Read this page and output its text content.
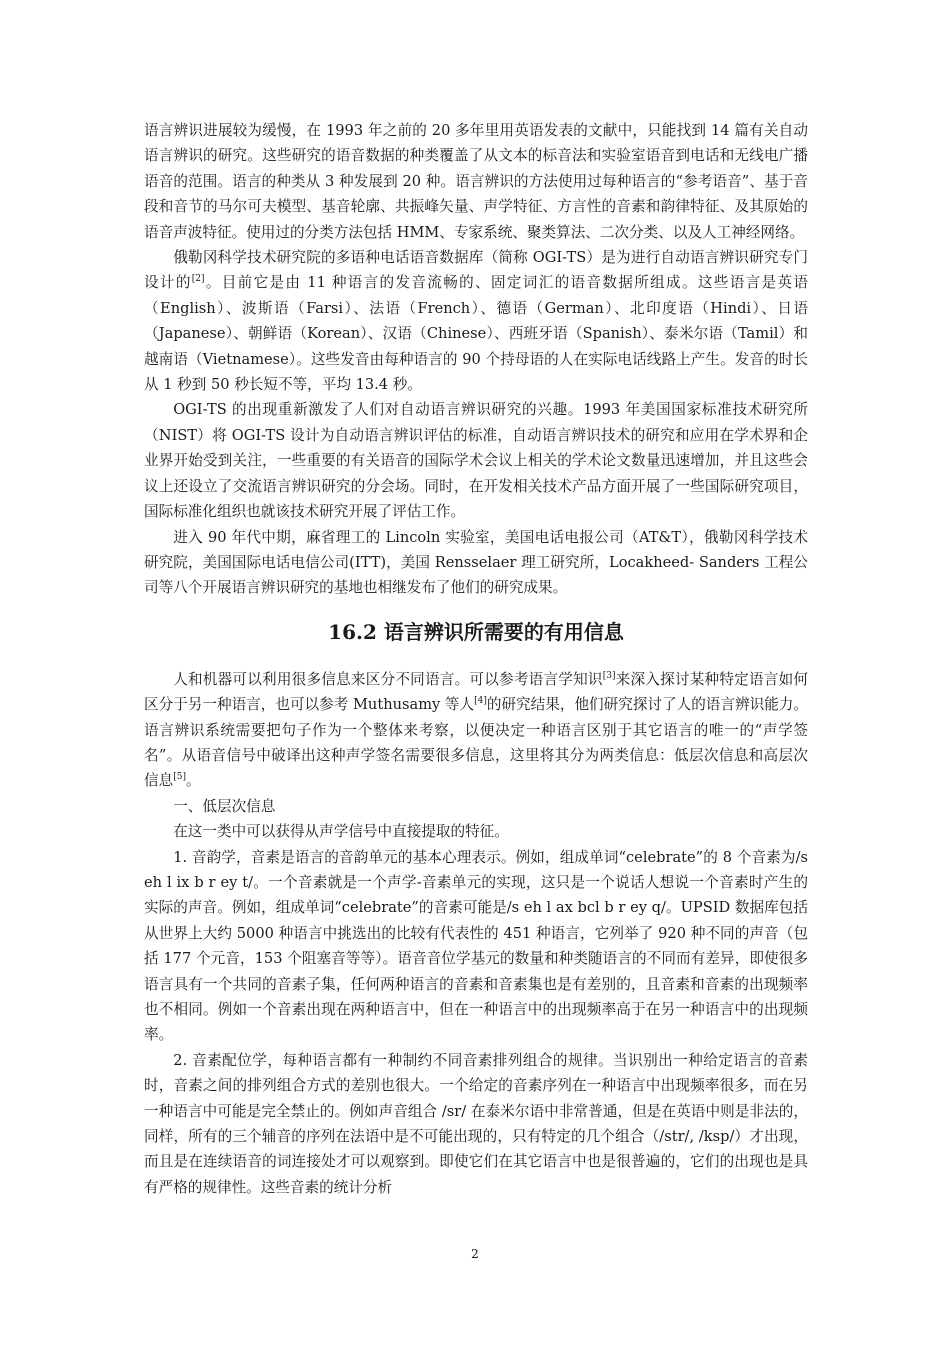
语言辨识进展较为缓慢，在 1993 年之前的 20 多年里用英语发表的文献中，只能找到 14 篇有关自动语言辨识的研究。这些研究的语音数据的种类覆盖了从文本的标音法和实验室语音到电话和无线电广播语音的范围。语言的种类从 3 种发展到 20 种。语言辨识的方法使用过每种语言的“参考语音”、基于音段和音节的马尔可夫模型、基音轮廓、共振峰矢量、声学特征、方言性的音素和韵律特征、及其原始的语音声波特征。使用过的分类方法包括 HMM、专家系统、聚类算法、二次分类、以及人工神经网络。

俄勒冈科学技术研究院的多语种电话语音数据库（简称 OGI-TS）是为进行自动语言辨识研究专门设计的[2]。目前它是由 11 种语言的发音流畅的、固定词汇的语音数据所组成。这些语言是英语（English）、波斯语（Farsi）、法语（French）、德语（German）、北印度语（Hindi）、日语（Japanese）、朝鲜语（Korean）、汉语（Chinese）、西班牙语（Spanish）、泰米尔语（Tamil）和越南语（Vietnamese）。这些发音由每种语言的 90 个持母语的人在实际电话线路上产生。发音的时长从 1 秒到 50 秒长短不等，平均 13.4 秒。

OGI-TS 的出现重新激发了人们对自动语言辨识研究的兴趣。1993 年美国国家标准技术研究所（NIST）将 OGI-TS 设计为自动语言辨识评估的标准，自动语言辨识技术的研究和应用在学术界和企业界开始受到关注，一些重要的有关语音的国际学术会议上相关的学术论文数量迅速增加，并且这些会议上还设立了交流语言辨识研究的分会场。同时，在开发相关技术产品方面开展了一些国际研究项目，国际标准化组织也就该技术研究开展了评估工作。

进入 90 年代中期，麻省理工的 Lincoln 实验室，美国电话电报公司（AT&T），俄勒冈科学技术研究院，美国国际电话电信公司(ITT)，美国 Rensselaer 理工研究所，Locakheed- Sanders 工程公司等八个开展语言辨识研究的基地也相继发布了他们的研究成果。

16.2 语言辨识所需要的有用信息

人和机器可以利用很多信息来区分不同语言。可以参考语言学知识[3]来深入探讨某种特定语言如何区分于另一种语言，也可以参考 Muthusamy 等人[4]的研究结果，他们研究探讨了人的语言辨识能力。语言辨识系统需要把句子作为一个整体来考察，以便决定一种语言区别于其它语言的唯一的“声学签名”。从语音信号中破译出这种声学签名需要很多信息，这里将其分为两类信息：低层次信息和高层次信息[5]。

一、低层次信息

在这一类中可以获得从声学信号中直接提取的特征。

1. 音韵学，音素是语言的音韵单元的基本心理表示。例如，组成单词“celebrate”的 8 个音素为/s eh l ix b r ey t/。一个音素就是一个声学-音素单元的实现，这只是一个说话人想说一个音素时产生的实际的声音。例如，组成单词“celebrate”的音素可能是/s eh l ax bcl b r ey q/。UPSID 数据库包括从世界上大约 5000 种语言中挑选出的比较有代表性的 451 种语言，它列举了 920 种不同的声音（包括 177 个元音，153 个阻塞音等等）。语音音位学基元的数量和种类随语言的不同而有差异，即使很多语言具有一个共同的音素子集，任何两种语言的音素和音素集也是有差别的，且音素和音素的出现频率也不相同。例如一个音素出现在两种语言中，但在一种语言中的出现频率高于在另一种语言中的出现频率。

2. 音素配位学，每种语言都有一种制约不同音素排列组合的规律。当识别出一种给定语言的音素时，音素之间的排列组合方式的差别也很大。一个给定的音素序列在一种语言中出现频率很多，而在另一种语言中可能是完全禁止的。例如声音组合 /sr/ 在泰米尔语中非常普通，但是在英语中则是非法的，同样，所有的三个辅音的序列在法语中是不可能出现的，只有特定的几个组合（/str/, /ksp/）才出现，而且是在连续语音的词连接处才可以观察到。即使它们在其它语言中也是很普遍的，它们的出现也是具有严格的规律性。这些音素的统计分析

2
